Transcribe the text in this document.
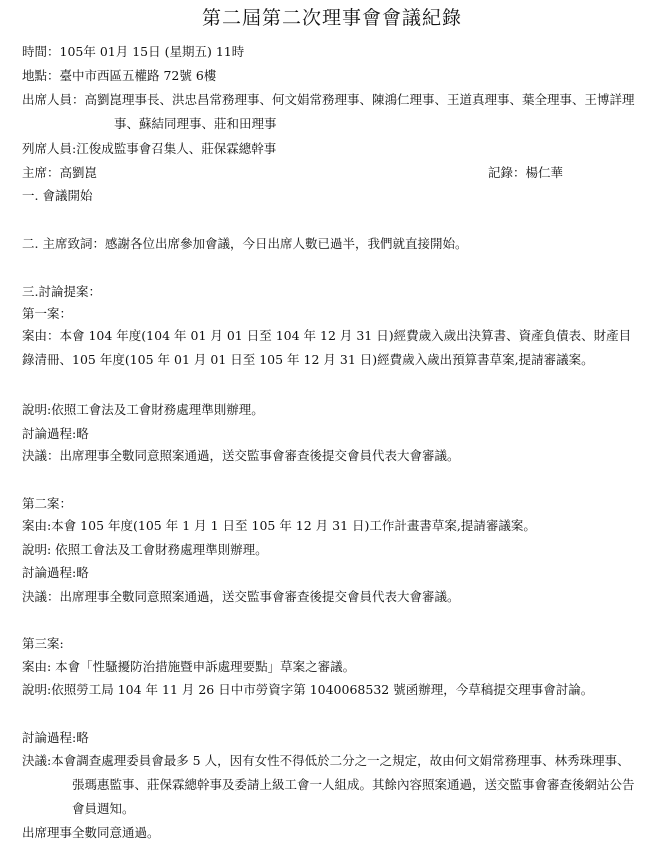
第二屆第二次理事會會議紀錄
時間：105年 01月 15日 (星期五) 11時
地點：臺中市西區五權路 72號 6樓
出席人員：高劉崑理事長、洪忠昌常務理事、何文娟常務理事、陳鴻仁理事、王道真理事、葉全理事、王博詳理事、蘇結同理事、莊和田理事
列席人員:江俊成監事會召集人、莊保霖總幹事
主席：高劉崑	記錄：楊仁華
一. 會議開始
二. 主席致詞：感謝各位出席參加會議，今日出席人數已過半，我們就直接開始。
三.討論提案：
第一案：
案由：本會 104 年度(104 年 01 月 01 日至 104 年 12 月 31 日)經費歲入歲出決算書、資產負債表、財產目錄清冊、105 年度(105 年 01 月 01 日至 105 年 12 月 31 日)經費歲入歲出預算書草案,提請審議案。
說明:依照工會法及工會財務處理準則辦理。
討論過程:略
決議：出席理事全數同意照案通過，送交監事會審查後提交會員代表大會審議。
第二案：
案由:本會 105 年度(105 年 1 月 1 日至 105 年 12 月 31 日)工作計畫書草案,提請審議案。
說明: 依照工會法及工會財務處理準則辦理。
討論過程:略
決議：出席理事全數同意照案通過，送交監事會審查後提交會員代表大會審議。
第三案:
案由: 本會「性騷擾防治措施暨申訴處理要點」草案之審議。
說明:依照勞工局 104 年 11 月 26 日中市勞資字第 1040068532 號函辦理，今草稿提交理事會討論。
討論過程:略
決議:本會調查處理委員會最多 5 人，因有女性不得低於二分之一之規定，故由何文娟常務理事、林秀珠理事、張瑪惠監事、莊保霖總幹事及委請上級工會一人組成。其餘內容照案通過，送交監事會審查後網站公告會員週知。
出席理事全數同意通過。
